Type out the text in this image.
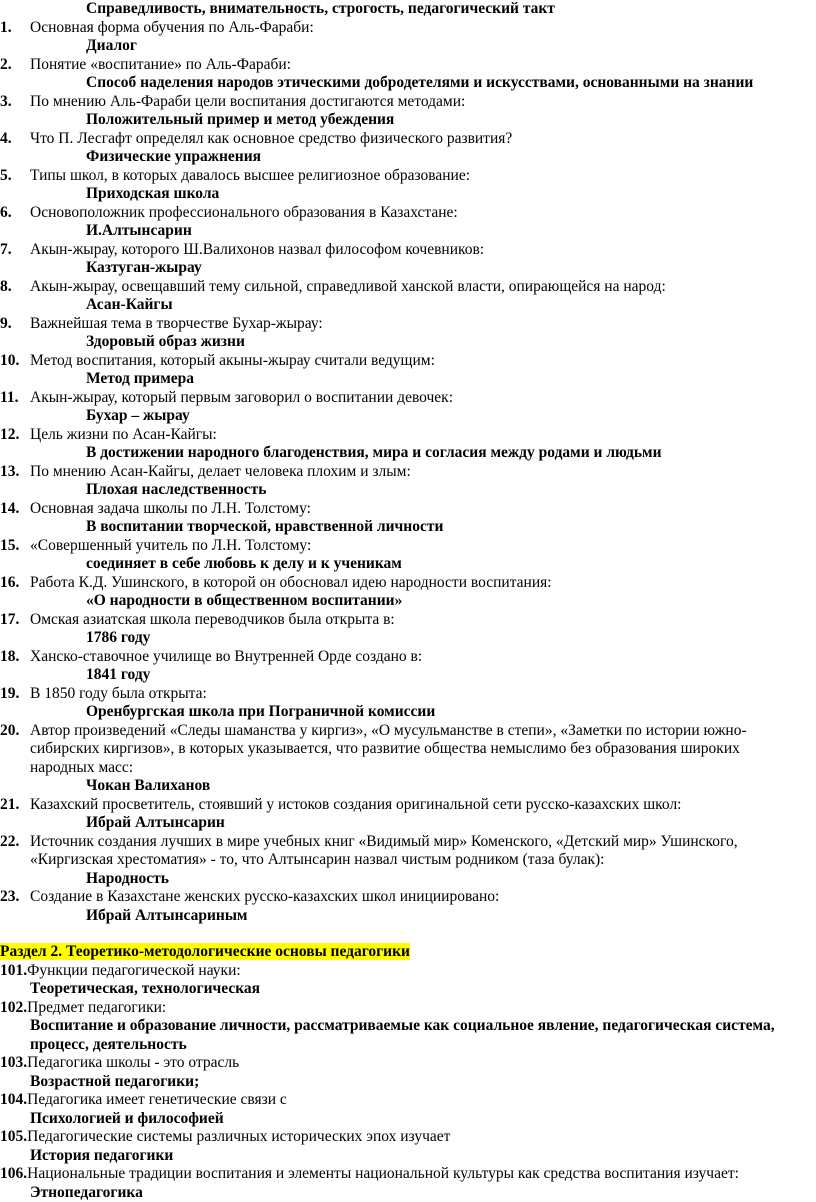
Справедливость, внимательность, строгость, педагогический такт
1.	Основная форма обучения по Аль-Фараби:
Диалог
2.	Понятие «воспитание» по Аль-Фараби:
Способ наделения народов этическими добродетелями и искусствами, основанными на знании
3.	По мнению Аль-Фараби цели воспитания достигаются методами:
Положительный пример и метод убеждения
4.	Что П. Лесгафт определял как основное средство физического развития?
Физические упражнения
5.	Типы школ, в которых давалось высшее религиозное образование:
Приходская школа
6.	Основоположник профессионального образования в Казахстане:
И.Алтынсарин
7.	Акын-жырау, которого Ш.Валихонов назвал философом кочевников:
Казтуган-жырау
8.	Акын-жырау, освещавший тему сильной, справедливой ханской власти, опирающейся на народ:
Асан-Кайгы
9.	Важнейшая тема в творчестве Бухар-жырау:
Здоровый образ жизни
10. Метод воспитания, который акыны-жырау считали ведущим:
Метод примера
11. Акын-жырау, который первым заговорил о воспитании девочек:
Бухар – жырау
12. Цель жизни по Асан-Кайгы:
В достижении народного благоденствия, мира и согласия между родами и людьми
13. По мнению Асан-Кайгы, делает человека плохим и злым:
Плохая наследственность
14. Основная задача школы по Л.Н. Толстому:
В воспитании творческой, нравственной личности
15. «Совершенный учитель по Л.Н. Толстому:
соединяет в себе любовь к делу и к ученикам
16. Работа К.Д. Ушинского, в которой он обосновал идею народности воспитания:
«О народности в общественном воспитании»
17. Омская азиатская школа переводчиков была открыта в:
1786 году
18. Ханско-ставочное училище во Внутренней Орде создано в:
1841 году
19. В 1850 году была открыта:
Оренбургская школа при Пограничной комиссии
20. Автор произведений «Следы шаманства у киргиз», «О мусульманстве в степи», «Заметки по истории южно-сибирских киргизов», в которых указывается, что развитие общества немыслимо без образования широких народных масс:
Чокан Валиханов
21. Казахский просветитель, стоявший у истоков создания оригинальной сети русско-казахских школ:
Ибрай Алтынсарин
22. Источник создания лучших в мире учебных книг «Видимый мир» Коменского, «Детский мир» Ушинского, «Киргизская хрестоматия» - то, что Алтынсарин назвал чистым родником (таза булак):
Народность
23. Создание в Казахстане женских русско-казахских школ инициировано:
Ибрай Алтынсариным
Раздел 2. Теоретико-методологические основы педагогики
101. Функции педагогической науки:
Теоретическая, технологическая
102. Предмет педагогики:
Воспитание и образование личности, рассматриваемые как социальное явление, педагогическая система, процесс, деятельность
103. Педагогика школы - это отрасль
Возрастной педагогики;
104. Педагогика имеет генетические связи с
Психологией и философией
105. Педагогические системы различных исторических эпох изучает
История педагогики
106. Национальные традиции воспитания и элементы национальной культуры как средства воспитания изучает:
Этнопедагогика
